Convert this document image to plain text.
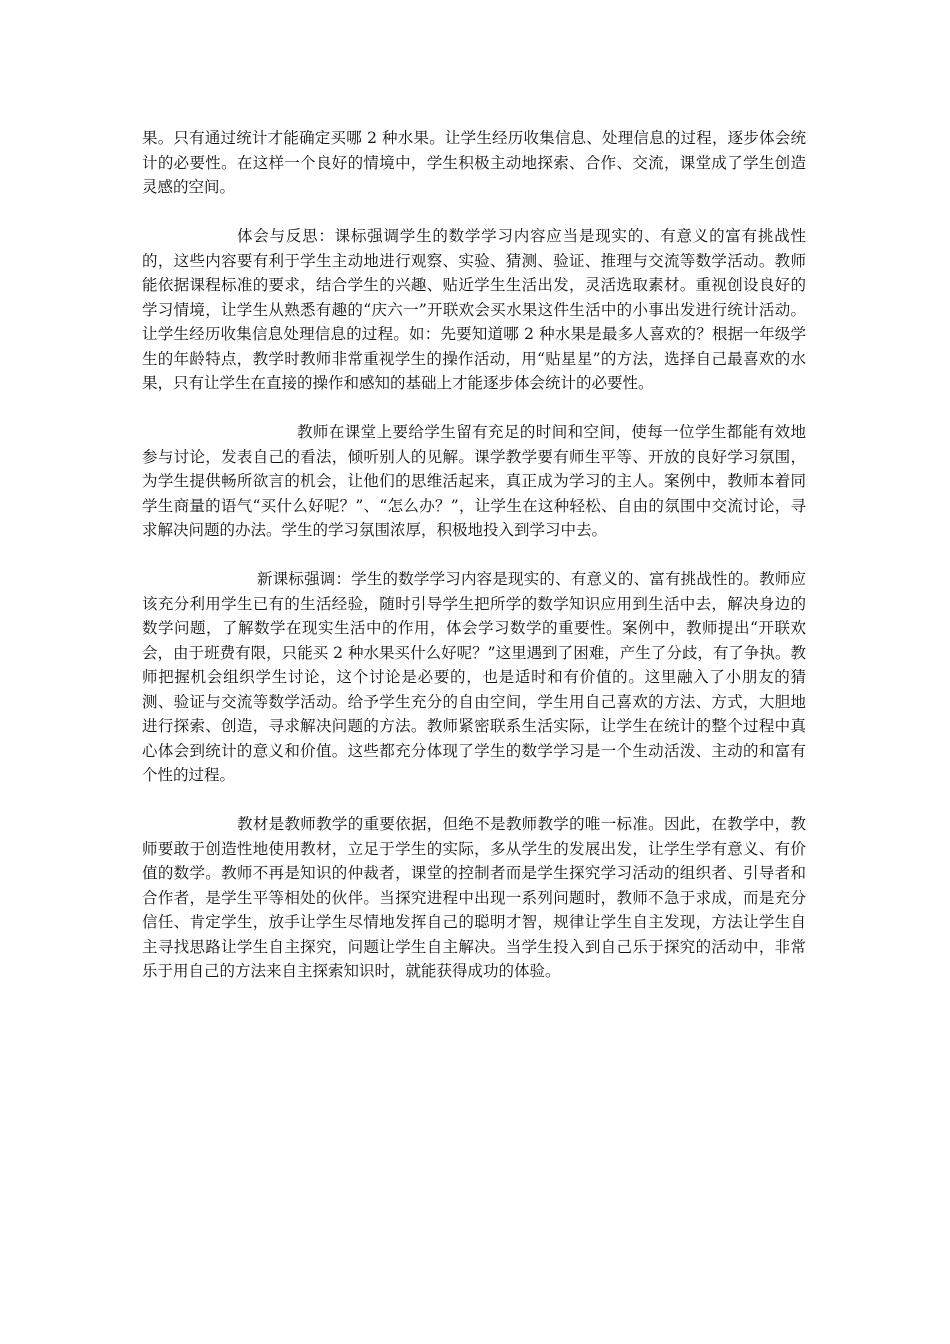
果。只有通过统计才能确定买哪 2 种水果。让学生经历收集信息、处理信息的过程，逐步体会统计的必要性。在这样一个良好的情境中，学生积极主动地探索、合作、交流，课堂成了学生创造灵感的空间。

体会与反思：课标强调学生的数学学习内容应当是现实的、有意义的富有挑战性的，这些内容要有利于学生主动地进行观察、实验、猜测、验证、推理与交流等数学活动。教师能依据课程标准的要求，结合学生的兴趣、贴近学生生活出发，灵活选取素材。重视创设良好的学习情境，让学生从熟悉有趣的“庆六一”开联欢会买水果这件生活中的小事出发进行统计活动。让学生经历收集信息处理信息的过程。如：先要知道哪 2 种水果是最多人喜欢的？根据一年级学生的年龄特点，教学时教师非常重视学生的操作活动，用“贴星星”的方法，选择自己最喜欢的水果，只有让学生在直接的操作和感知的基础上才能逐步体会统计的必要性。

教师在课堂上要给学生留有充足的时间和空间，使每一位学生都能有效地参与讨论，发表自己的看法，倾听别人的见解。课学教学要有师生平等、开放的良好学习氛围，为学生提供畅所欲言的机会，让他们的思维活起来，真正成为学习的主人。案例中，教师本着同学生商量的语气“买什么好呢？”、“怎么办？”，让学生在这种轻松、自由的氛围中交流讨论，寻求解决问题的办法。学生的学习氛围浓厚，积极地投入到学习中去。

新课标强调：学生的数学学习内容是现实的、有意义的、富有挑战性的。教师应该充分利用学生已有的生活经验，随时引导学生把所学的数学知识应用到生活中去，解决身边的数学问题，了解数学在现实生活中的作用，体会学习数学的重要性。案例中，教师提出“开联欢会，由于班费有限，只能买 2 种水果买什么好呢？”这里遇到了困难，产生了分歧，有了争执。教师把握机会组织学生讨论，这个讨论是必要的，也是适时和有价值的。这里融入了小朋友的猜测、验证与交流等数学活动。给予学生充分的自由空间，学生用自己喜欢的方法、方式，大胆地进行探索、创造，寻求解决问题的方法。教师紧密联系生活实际，让学生在统计的整个过程中真心体会到统计的意义和价值。这些都充分体现了学生的数学学习是一个生动活泼、主动的和富有个性的过程。

教材是教师教学的重要依据，但绝不是教师教学的唯一标准。因此，在教学中，教师要敢于创造性地使用教材，立足于学生的实际，多从学生的发展出发，让学生学有意义、有价值的数学。教师不再是知识的仲裁者，课堂的控制者而是学生探究学习活动的组织者、引导者和合作者，是学生平等相处的伙伴。当探究进程中出现一系列问题时，教师不急于求成，而是充分信任、肯定学生，放手让学生尽情地发挥自己的聪明才智，规律让学生自主发现，方法让学生自主寻找思路让学生自主探究，问题让学生自主解决。当学生投入到自己乐于探究的活动中，非常乐于用自己的方法来自主探索知识时，就能获得成功的体验。
